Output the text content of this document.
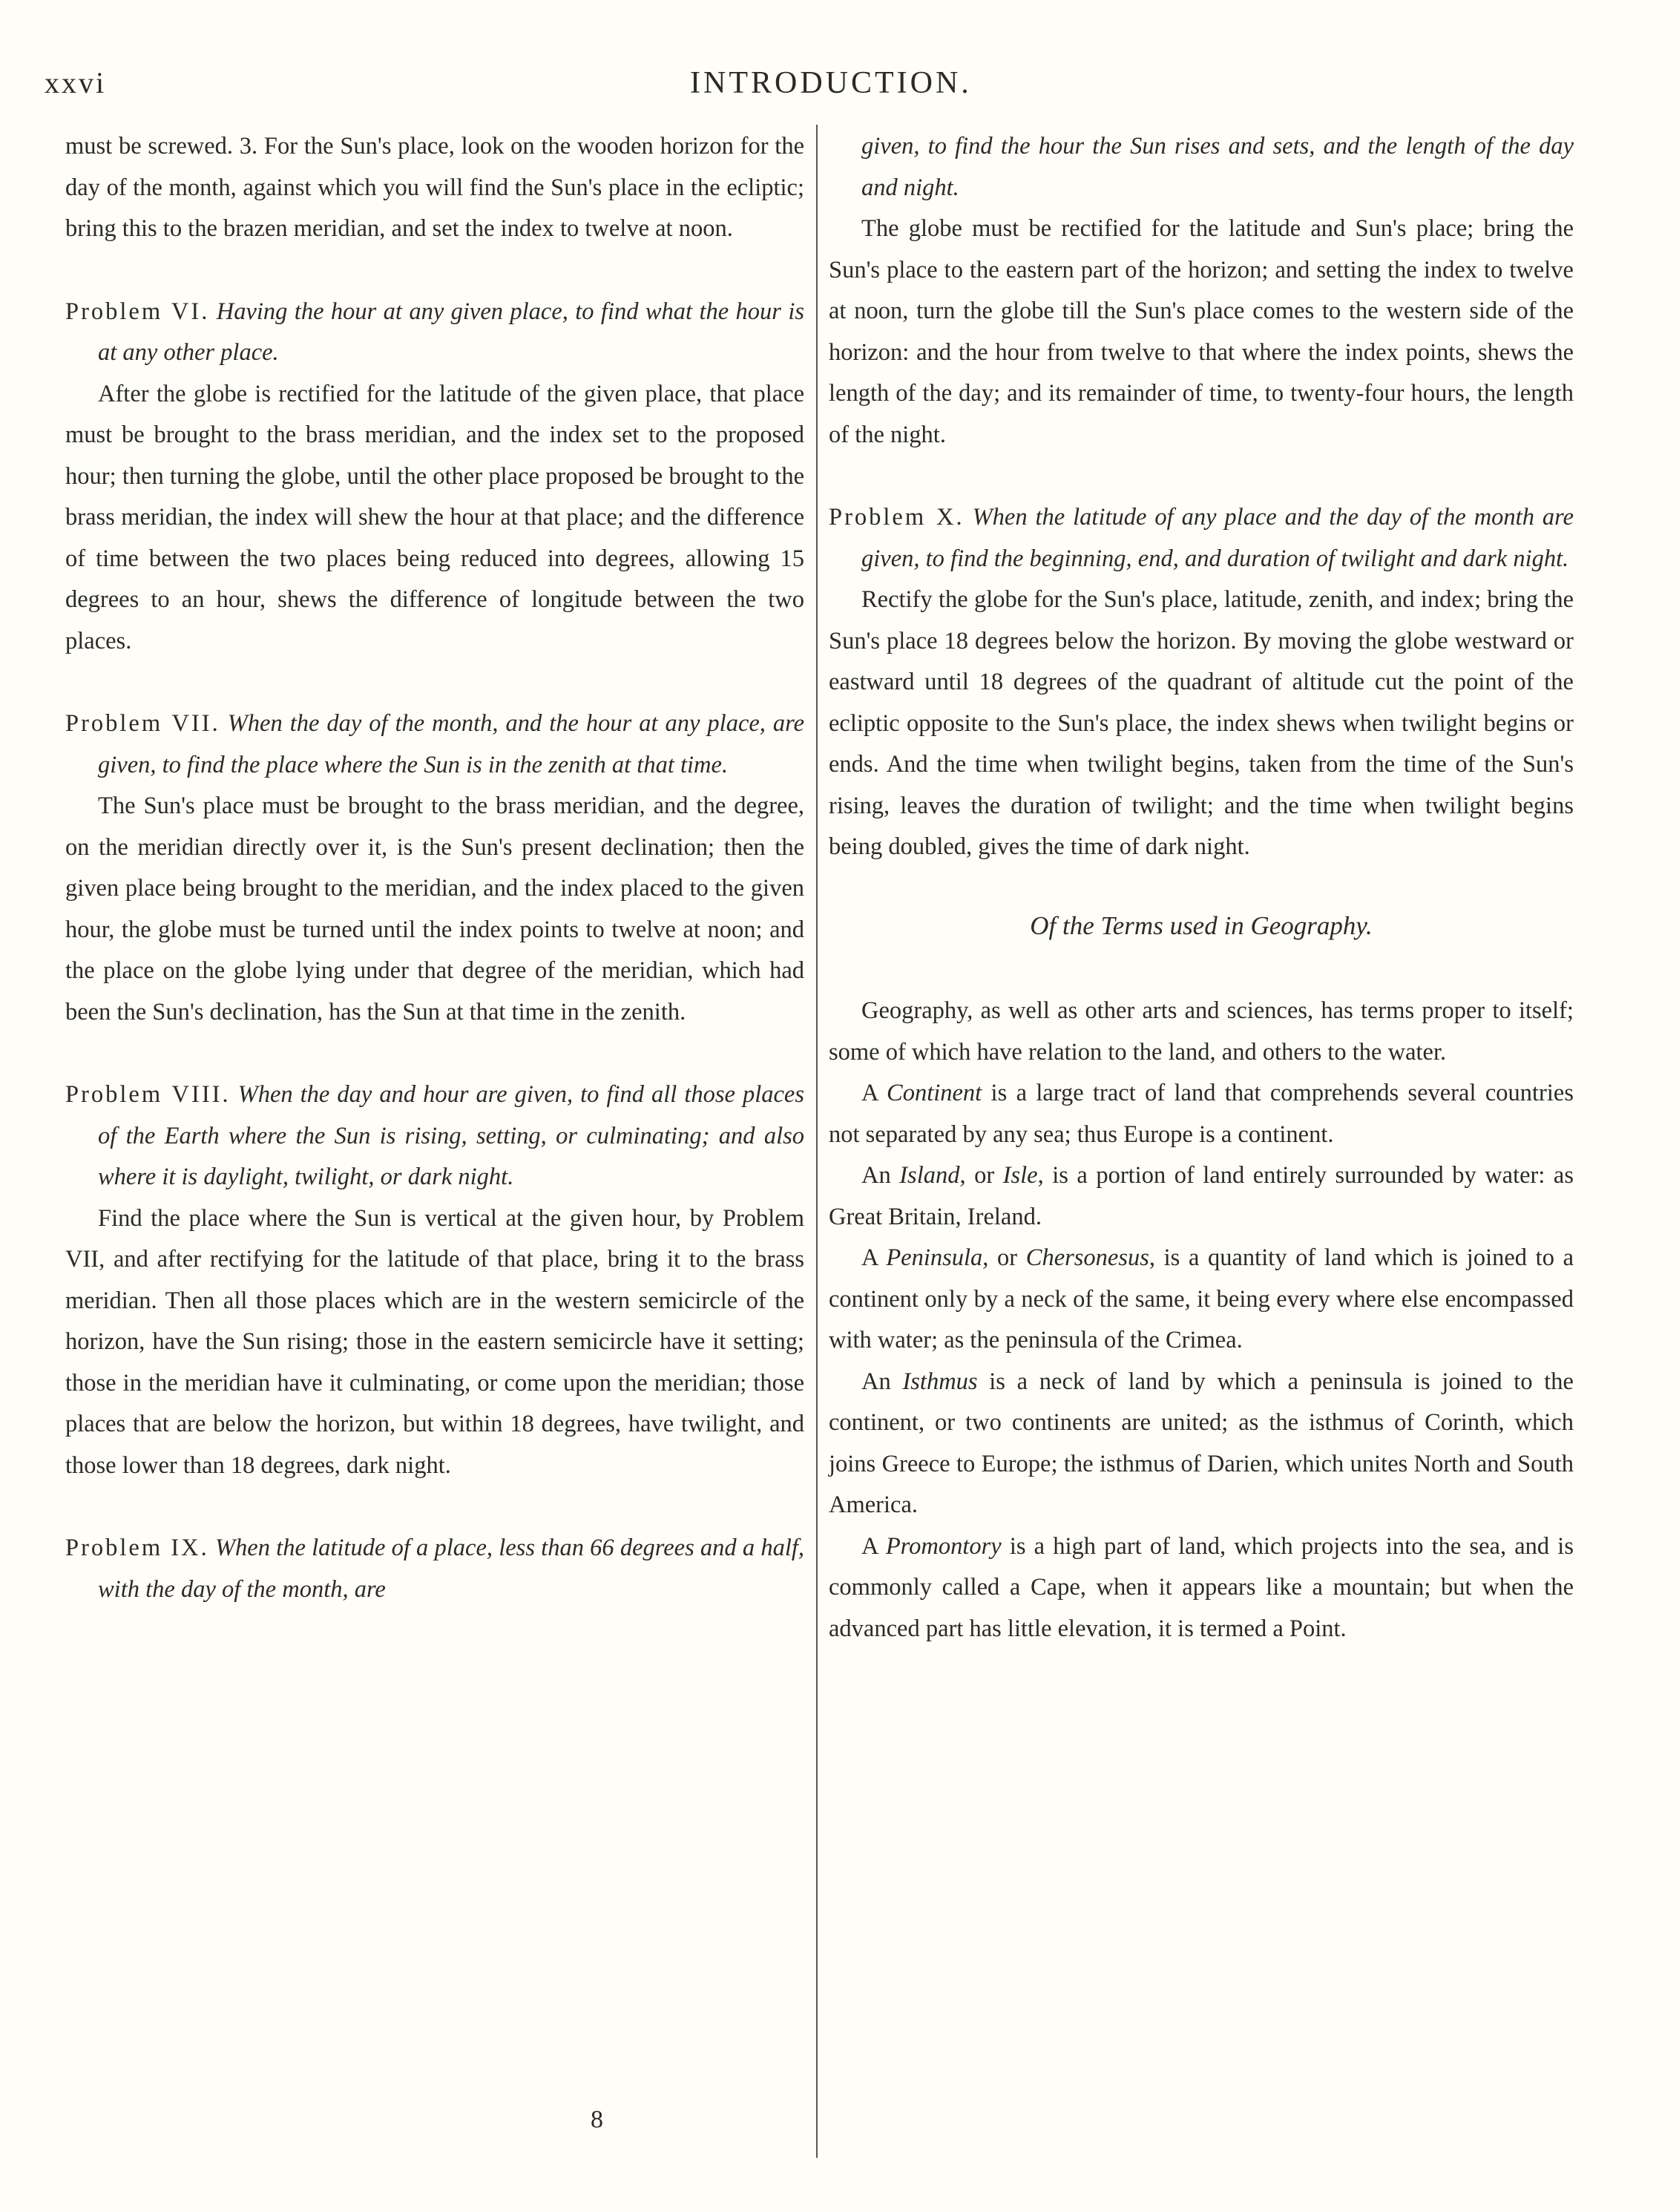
xxvi	INTRODUCTION.

must be screwed. 3. For the Sun's place, look on the wooden horizon for the day of the month, against which you will find the Sun's place in the ecliptic; bring this to the brazen meridian, and set the index to twelve at noon.

Problem VI. Having the hour at any given place, to find what the hour is at any other place.

After the globe is rectified for the latitude of the given place, that place must be brought to the brass meridian, and the index set to the proposed hour; then turning the globe, until the other place proposed be brought to the brass meridian, the index will shew the hour at that place; and the difference of time between the two places being reduced into degrees, allowing 15 degrees to an hour, shews the difference of longitude between the two places.

Problem VII. When the day of the month, and the hour at any place, are given, to find the place where the Sun is in the zenith at that time.

The Sun's place must be brought to the brass meridian, and the degree, on the meridian directly over it, is the Sun's present declination; then the given place being brought to the meridian, and the index placed to the given hour, the globe must be turned until the index points to twelve at noon; and the place on the globe lying under that degree of the meridian, which had been the Sun's declination, has the Sun at that time in the zenith.

Problem VIII. When the day and hour are given, to find all those places of the Earth where the Sun is rising, setting, or culminating; and also where it is daylight, twilight, or dark night.

Find the place where the Sun is vertical at the given hour, by Problem VII, and after rectifying for the latitude of that place, bring it to the brass meridian. Then all those places which are in the western semicircle of the horizon, have the Sun rising; those in the eastern semicircle have it setting; those in the meridian have it culminating, or come upon the meridian; those places that are below the horizon, but within 18 degrees, have twilight, and those lower than 18 degrees, dark night.

Problem IX. When the latitude of a place, less than 66 degrees and a half, with the day of the month, are

given, to find the hour the Sun rises and sets, and the length of the day and night.

The globe must be rectified for the latitude and Sun's place; bring the Sun's place to the eastern part of the horizon; and setting the index to twelve at noon, turn the globe till the Sun's place comes to the western side of the horizon: and the hour from twelve to that where the index points, shews the length of the day; and its remainder of time, to twenty-four hours, the length of the night.

Problem X. When the latitude of any place and the day of the month are given, to find the beginning, end, and duration of twilight and dark night.

Rectify the globe for the Sun's place, latitude, zenith, and index; bring the Sun's place 18 degrees below the horizon. By moving the globe westward or eastward until 18 degrees of the quadrant of altitude cut the point of the ecliptic opposite to the Sun's place, the index shews when twilight begins or ends. And the time when twilight begins, taken from the time of the Sun's rising, leaves the duration of twilight; and the time when twilight begins being doubled, gives the time of dark night.

Of the Terms used in Geography.

Geography, as well as other arts and sciences, has terms proper to itself; some of which have relation to the land, and others to the water.

A Continent is a large tract of land that comprehends several countries not separated by any sea; thus Europe is a continent.

An Island, or Isle, is a portion of land entirely surrounded by water: as Great Britain, Ireland.

A Peninsula, or Chersonesus, is a quantity of land which is joined to a continent only by a neck of the same, it being every where else encompassed with water; as the peninsula of the Crimea.

An Isthmus is a neck of land by which a peninsula is joined to the continent, or two continents are united; as the isthmus of Corinth, which joins Greece to Europe; the isthmus of Darien, which unites North and South America.

A Promontory is a high part of land, which projects into the sea, and is commonly called a Cape, when it appears like a mountain; but when the advanced part has little elevation, it is termed a Point.

8
